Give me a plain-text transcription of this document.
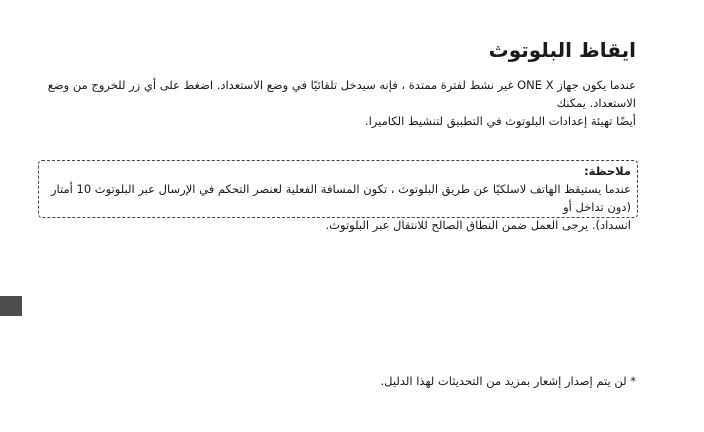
ايقاظ البلوتوث
عندما يكون جهاز ONE X غير نشط لفترة ممتدة ، فإنه سيدخل تلقائيًا في وضع الاستعداد. اضغط على أي زر للخروج من وضع الاستعداد. يمكنك
أيضًا تهيئة إعدادات البلوتوث في التطبيق لتنشيط الكاميرا.
ملاحظة:
عندما يستيقظ الهاتف لاسلكيًا عن طريق البلوتوث ، تكون المسافة الفعلية لعنصر التحكم في الإرسال عبر البلوتوث 10 أمتار (دون تداخل أو
انسداد). يرجى العمل ضمن النطاق الصالح للانتقال عبر البلوتوث.
* لن يتم إصدار إشعار بمزيد من التحديثات لهذا الدليل.
